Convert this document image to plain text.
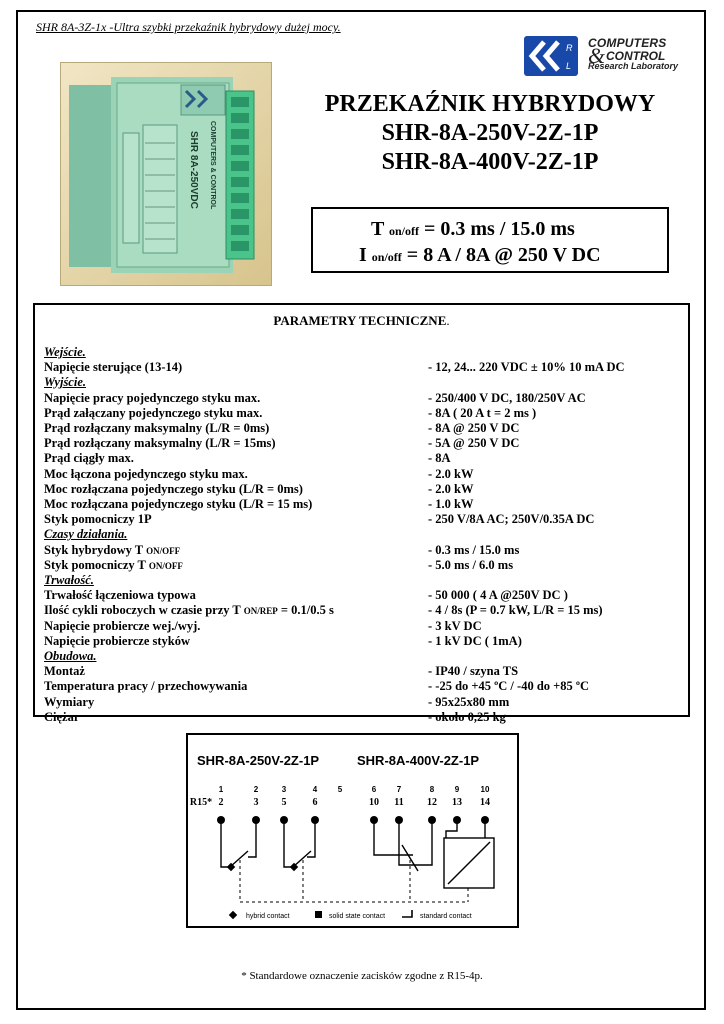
SHR 8A-3Z-1x -Ultra szybki przekaźnik hybrydowy dużej mocy.
R
L
COMPUTERS
& CONTROL
Research Laboratory
SHR 8A-250VDC COMPUTERS & CONTROL
PRZEKAŹNIK HYBRYDOWY
SHR-8A-250V-2Z-1P
SHR-8A-400V-2Z-1P
T on/off = 0.3 ms / 15.0 ms
I on/off = 8 A / 8A @ 250 V DC
PARAMETRY TECHNICZNE.
Wejście.
Napięcie sterujące (13-14)	- 12, 24... 220 VDC ± 10% 10 mA DC
Wyjście.
Napięcie pracy pojedynczego styku max.	- 250/400 V DC, 180/250V AC
Prąd załączany pojedynczego styku max.	- 8A ( 20 A t = 2 ms )
Prąd rozłączany maksymalny (L/R = 0ms)	- 8A @ 250 V DC
Prąd rozłączany maksymalny (L/R = 15ms)	- 5A @ 250 V DC
Prąd ciągły max.	- 8A
Moc łączona pojedynczego styku max.	- 2.0 kW
Moc rozłączana pojedynczego styku (L/R = 0ms)	- 2.0 kW
Moc rozłączana pojedynczego styku (L/R = 15 ms)	- 1.0 kW
Styk pomocniczy 1P	- 250 V/8A AC; 250V/0.35A DC
Czasy działania.
Styk hybrydowy T ON/OFF	- 0.3 ms / 15.0 ms
Styk pomocniczy T ON/OFF	- 5.0 ms / 6.0 ms
Trwałość.
Trwałość łączeniowa typowa	- 50 000 ( 4 A @250V DC )
Ilość cykli roboczych w czasie przy T ON/REP = 0.1/0.5 s	- 4 / 8s (P = 0.7 kW, L/R = 15 ms)
Napięcie probiercze wej./wyj.	- 3 kV DC
Napięcie probiercze styków	- 1 kV DC ( 1mA)
Obudowa.
Montaż	- IP40 / szyna TS
Temperatura pracy / przechowywania	- -25 do +45 ºC / -40 do +85 ºC
Wymiary	- 95x25x80 mm
Ciężar	- około 0,25 kg
SHR-8A-250V-2Z-1P	SHR-8A-400V-2Z-1P
1	2	3	4	5	6	7	8	9	10
R15* 2	3 5	6	10 11 12 13 14
hybrid contact	solid state contact	standard contact
* Standardowe oznaczenie zacisków zgodne z R15-4p.
